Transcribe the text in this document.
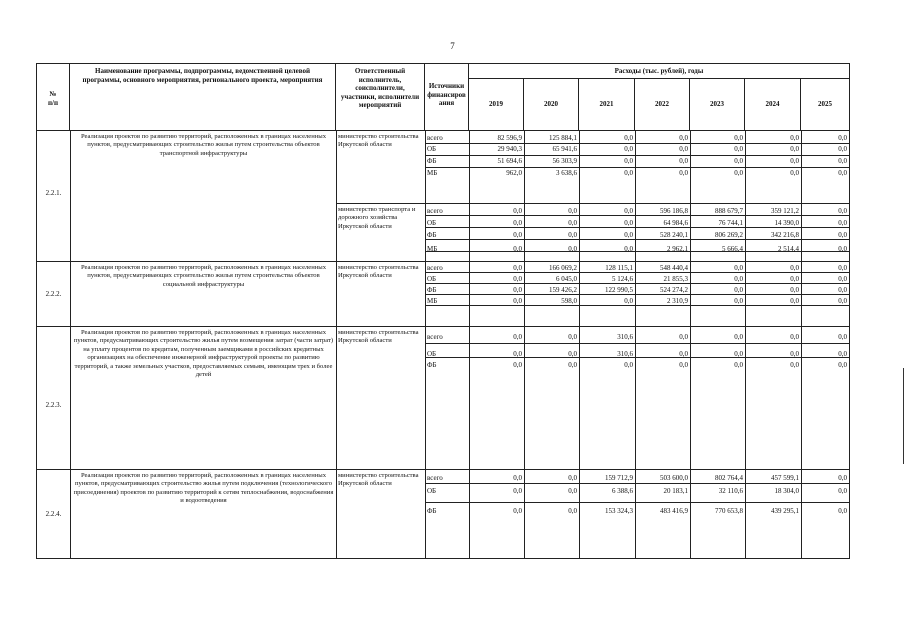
7
№
п/п
Наименование программы, подпрограммы, ведомственной целевой программы, основного мероприятия, регионального проекта, мероприятия
Ответственный исполнитель, соисполнители, участники, исполнители мероприятий
Источники финансиров ания
Расходы (тыс. рублей), годы
2019	2020	2021	2022	2023	2024	2025
2.2.1.
Реализация проектов по развитию территорий, расположенных в границах населенных пунктов, предусматривающих строительство жилья путем строительства объектов транспортной инфраструктуры
министерство строительства Иркутской области
всего	82 596,9	125 884,1	0,0	0,0	0,0	0,0	0,0
ОБ	29 940,3	65 941,6	0,0	0,0	0,0	0,0	0,0
ФБ	51 694,6	56 303,9	0,0	0,0	0,0	0,0	0,0
МБ	962,0	3 638,6	0,0	0,0	0,0	0,0	0,0
министерство транспорта и дорожного хозяйства Иркутской области
всего	0,0	0,0	0,0	596 186,8	888 679,7	359 121,2	0,0
ОБ	0,0	0,0	0,0	64 984,6	76 744,1	14 390,0	0,0
ФБ	0,0	0,0	0,0	528 240,1	806 269,2	342 216,8	0,0
МБ	0,0	0,0	0,0	2 962,1	5 666,4	2 514,4	0,0
2.2.2.
Реализация проектов по развитию территорий, расположенных в границах населенных пунктов, предусматривающих строительство жилья путем строительства объектов социальной инфраструктуры
министерство строительства Иркутской области
всего	0,0	166 069,2	128 115,1	548 440,4	0,0	0,0	0,0
ОБ	0,0	6 045,0	5 124,6	21 855,3	0,0	0,0	0,0
ФБ	0,0	159 426,2	122 990,5	524 274,2	0,0	0,0	0,0
МБ	0,0	598,0	0,0	2 310,9	0,0	0,0	0,0
2.2.3.
Реализация проектов по развитию территорий, расположенных в границах населенных пунктов, предусматривающих строительство жилья путем возмещения затрат (части затрат) на уплату процентов по кредитам, полученным заемщиками в российских кредитных организациях на обеспечение инженерной инфраструктурой проекты по развитию территорий, а также земельных участков, предоставляемых семьям, имеющим трех и более детей
министерство строительства Иркутской области	всего	0,0	0,0	310,6	0,0	0,0	0,0	0,0
ОБ	0,0	0,0	310,6	0,0	0,0	0,0	0,0
ФБ	0,0	0,0	0,0	0,0	0,0	0,0	0,0
2.2.4.
Реализация проектов по развитию территорий, расположенных в границах населенных пунктов, предусматривающих строительство жилья путем подключения (технологического присоединения) проектов по развитию территорий к сетям теплоснабжения, водоснабжения и водоотведения
министерство строительства Иркутской области
всего	0,0	0,0	159 712,9	503 600,0	802 764,4	457 599,1	0,0
ОБ	0,0	0,0	6 388,6	20 183,1	32 110,6	18 304,0	0,0
ФБ	0,0	0,0	153 324,3	483 416,9	770 653,8	439 295,1	0,0
